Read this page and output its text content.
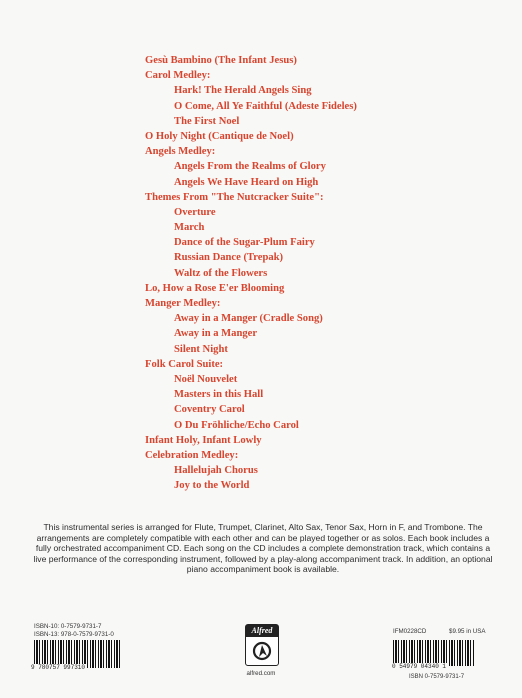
Gesù Bambino (The Infant Jesus)
Carol Medley:
Hark! The Herald Angels Sing
O Come, All Ye Faithful (Adeste Fideles)
The First Noel
O Holy Night (Cantique de Noel)
Angels Medley:
Angels From the Realms of Glory
Angels We Have Heard on High
Themes From "The Nutcracker Suite":
Overture
March
Dance of the Sugar-Plum Fairy
Russian Dance (Trepak)
Waltz of the Flowers
Lo, How a Rose E'er Blooming
Manger Medley:
Away in a Manger (Cradle Song)
Away in a Manger
Silent Night
Folk Carol Suite:
Noël Nouvelet
Masters in this Hall
Coventry Carol
O Du Fröhliche/Echo Carol
Infant Holy, Infant Lowly
Celebration Medley:
Hallelujah Chorus
Joy to the World

This instrumental series is arranged for Flute, Trumpet, Clarinet, Alto Sax, Tenor Sax, Horn in F, and Trombone. The arrangements are completely compatible with each other and can be played together or as solos. Each book includes a fully orchestrated accompaniment CD. Each song on the CD includes a complete demonstration track, which contains a live performance of the corresponding instrument, followed by a play-along accompaniment track. In addition, an optional piano accompaniment book is available.

ISBN-10: 0-7579-9731-7
ISBN-13: 978-0-7579-9731-0
9 780757 997310
Alfred
alfred.com
IFM0228CD	$9.95 in USA
0 54979 04340 1
ISBN 0-7579-9731-7
